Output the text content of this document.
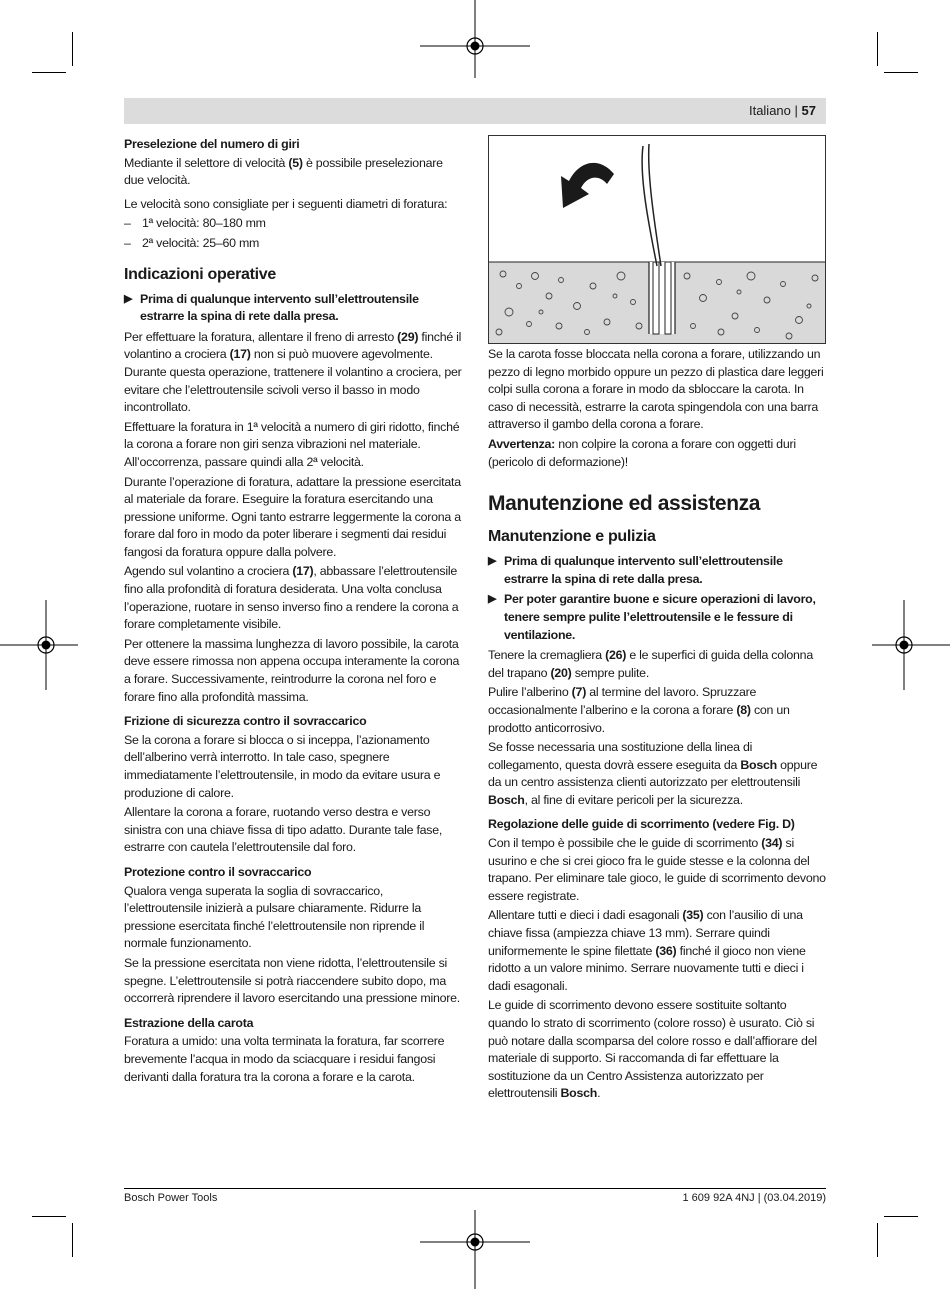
Italiano | 57
Preselezione del numero di giri

Mediante il selettore di velocità (5) è possibile preselezionare due velocità.

Le velocità sono consigliate per i seguenti diametri di foratura:

– 1ª velocità: 80–180 mm
– 2ª velocità: 25–60 mm
Indicazioni operative
▶ Prima di qualunque intervento sull’elettroutensile estrarre la spina di rete dalla presa.

Per effettuare la foratura, allentare il freno di arresto (29) finché il volantino a crociera (17) non si può muovere agevolmente. Durante questa operazione, trattenere il volantino a crociera, per evitare che l’elettroutensile scivoli verso il basso in modo incontrollato.

Effettuare la foratura in 1ª velocità a numero di giri ridotto, finché la corona a forare non giri senza vibrazioni nel materiale. All’occorrenza, passare quindi alla 2ª velocità.

Durante l’operazione di foratura, adattare la pressione esercitata al materiale da forare. Eseguire la foratura esercitando una pressione uniforme. Ogni tanto estrarre leggermente la corona a forare dal foro in modo da poter liberare i segmenti dai residui fangosi da foratura oppure dalla polvere.

Agendo sul volantino a crociera (17), abbassare l’elettroutensile fino alla profondità di foratura desiderata. Una volta conclusa l’operazione, ruotare in senso inverso fino a rendere la corona a forare completamente visibile.

Per ottenere la massima lunghezza di lavoro possibile, la carota deve essere rimossa non appena occupa interamente la corona a forare. Successivamente, reintrodurre la corona nel foro e forare fino alla profondità massima.

Frizione di sicurezza contro il sovraccarico

Se la corona a forare si blocca o si inceppa, l’azionamento dell’alberino verrà interrotto. In tale caso, spegnere immediatamente l’elettroutensile, in modo da evitare usura e produzione di calore.

Allentare la corona a forare, ruotando verso destra e verso sinistra con una chiave fissa di tipo adatto. Durante tale fase, estrarre con cautela l’elettroutensile dal foro.

Protezione contro il sovraccarico

Qualora venga superata la soglia di sovraccarico, l’elettroutensile inizierà a pulsare chiaramente. Ridurre la pressione esercitata finché l’elettroutensile non riprende il normale funzionamento.

Se la pressione esercitata non viene ridotta, l’elettroutensile si spegne. L’elettroutensile si potrà riaccendere subito dopo, ma occorrerà riprendere il lavoro esercitando una pressione minore.

Estrazione della carota

Foratura a umido: una volta terminata la foratura, far scorrere brevemente l’acqua in modo da sciacquare i residui fangosi derivanti dalla foratura tra la corona a forare e la carota.

Se la carota fosse bloccata nella corona a forare, utilizzando un pezzo di legno morbido oppure un pezzo di plastica dare leggeri colpi sulla corona a forare in modo da sbloccare la carota. In caso di necessità, estrarre la carota spingendola con una barra attraverso il gambo della corona a forare.

Avvertenza: non colpire la corona a forare con oggetti duri (pericolo di deformazione)!

Manutenzione ed assistenza
Manutenzione e pulizia
▶ Prima di qualunque intervento sull’elettroutensile estrarre la spina di rete dalla presa.
▶ Per poter garantire buone e sicure operazioni di lavoro, tenere sempre pulite l’elettroutensile e le fessure di ventilazione.

Tenere la cremagliera (26) e le superfici di guida della colonna del trapano (20) sempre pulite.

Pulire l’alberino (7) al termine del lavoro. Spruzzare occasionalmente l’alberino e la corona a forare (8) con un prodotto anticorrosivo.

Se fosse necessaria una sostituzione della linea di collegamento, questa dovrà essere eseguita da Bosch oppure da un centro assistenza clienti autorizzato per elettroutensili Bosch, al fine di evitare pericoli per la sicurezza.

Regolazione delle guide di scorrimento (vedere Fig. D)

Con il tempo è possibile che le guide di scorrimento (34) si usurino e che si crei gioco fra le guide stesse e la colonna del trapano. Per eliminare tale gioco, le guide di scorrimento devono essere registrate.

Allentare tutti e dieci i dadi esagonali (35) con l’ausilio di una chiave fissa (ampiezza chiave 13 mm). Serrare quindi uniformemente le spine filettate (36) finché il gioco non viene ridotto a un valore minimo. Serrare nuovamente tutti e dieci i dadi esagonali.

Le guide di scorrimento devono essere sostituite soltanto quando lo strato di scorrimento (colore rosso) è usurato. Ciò si può notare dalla scomparsa del colore rosso e dall’affiorare del materiale di supporto. Si raccomanda di far effettuare la sostituzione da un Centro Assistenza autorizzato per elettroutensili Bosch.

Bosch Power Tools	1 609 92A 4NJ | (03.04.2019)
